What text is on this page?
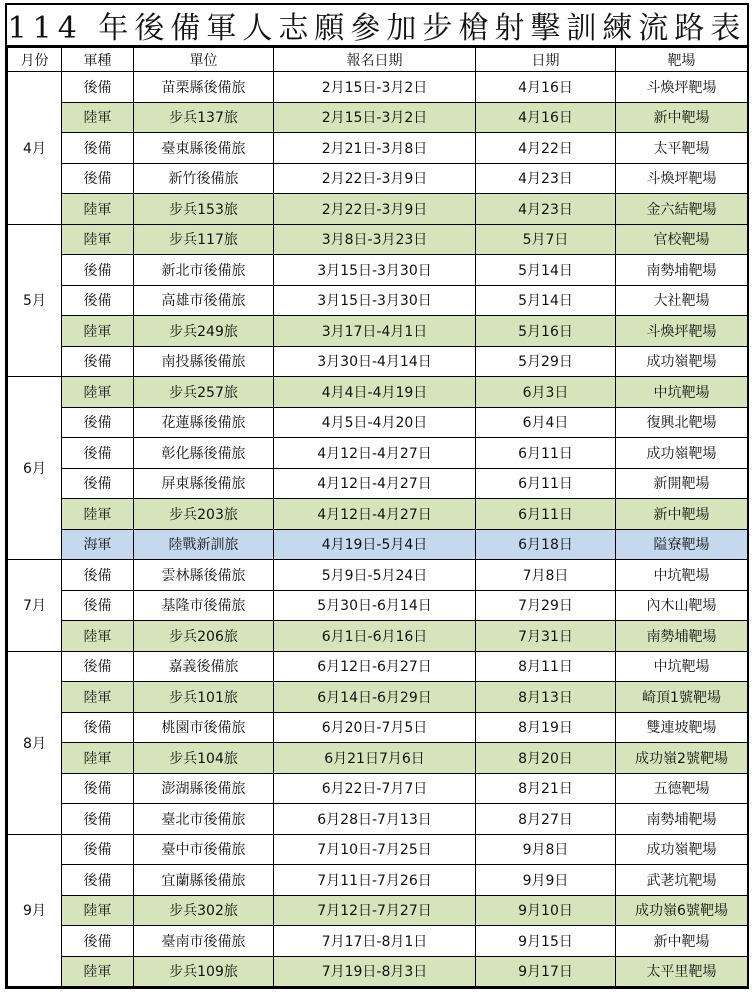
114 年後備軍人志願參加步槍射擊訓練流路表
月份	軍種	單位	報名日期	日期	靶場
4月	後備	苗栗縣後備旅	2月15日-3月2日	4月16日	斗煥坪靶場
	陸軍	步兵137旅	2月15日-3月2日	4月16日	新中靶場
	後備	臺東縣後備旅	2月21日-3月8日	4月22日	太平靶場
	後備	新竹後備旅	2月22日-3月9日	4月23日	斗煥坪靶場
	陸軍	步兵153旅	2月22日-3月9日	4月23日	金六結靶場
5月	陸軍	步兵117旅	3月8日-3月23日	5月7日	官校靶場
	後備	新北市後備旅	3月15日-3月30日	5月14日	南勢埔靶場
	後備	高雄市後備旅	3月15日-3月30日	5月14日	大社靶場
	陸軍	步兵249旅	3月17日-4月1日	5月16日	斗煥坪靶場
	後備	南投縣後備旅	3月30日-4月14日	5月29日	成功嶺靶場
6月	陸軍	步兵257旅	4月4日-4月19日	6月3日	中坑靶場
	後備	花蓮縣後備旅	4月5日-4月20日	6月4日	復興北靶場
	後備	彰化縣後備旅	4月12日-4月27日	6月11日	成功嶺靶場
	後備	屏東縣後備旅	4月12日-4月27日	6月11日	新開靶場
	陸軍	步兵203旅	4月12日-4月27日	6月11日	新中靶場
	海軍	陸戰新訓旅	4月19日-5月4日	6月18日	隘寮靶場
7月	後備	雲林縣後備旅	5月9日-5月24日	7月8日	中坑靶場
	後備	基隆市後備旅	5月30日-6月14日	7月29日	內木山靶場
	陸軍	步兵206旅	6月1日-6月16日	7月31日	南勢埔靶場
8月	後備	嘉義後備旅	6月12日-6月27日	8月11日	中坑靶場
	陸軍	步兵101旅	6月14日-6月29日	8月13日	崎頂1號靶場
	後備	桃園市後備旅	6月20日-7月5日	8月19日	雙連坡靶場
	陸軍	步兵104旅	6月21日7月6日	8月20日	成功嶺2號靶場
	後備	澎湖縣後備旅	6月22日-7月7日	8月21日	五德靶場
	後備	臺北市後備旅	6月28日-7月13日	8月27日	南勢埔靶場
9月	後備	臺中市後備旅	7月10日-7月25日	9月8日	成功嶺靶場
	後備	宜蘭縣後備旅	7月11日-7月26日	9月9日	武荖坑靶場
	陸軍	步兵302旅	7月12日-7月27日	9月10日	成功嶺6號靶場
	後備	臺南市後備旅	7月17日-8月1日	9月15日	新中靶場
	陸軍	步兵109旅	7月19日-8月3日	9月17日	太平里靶場
